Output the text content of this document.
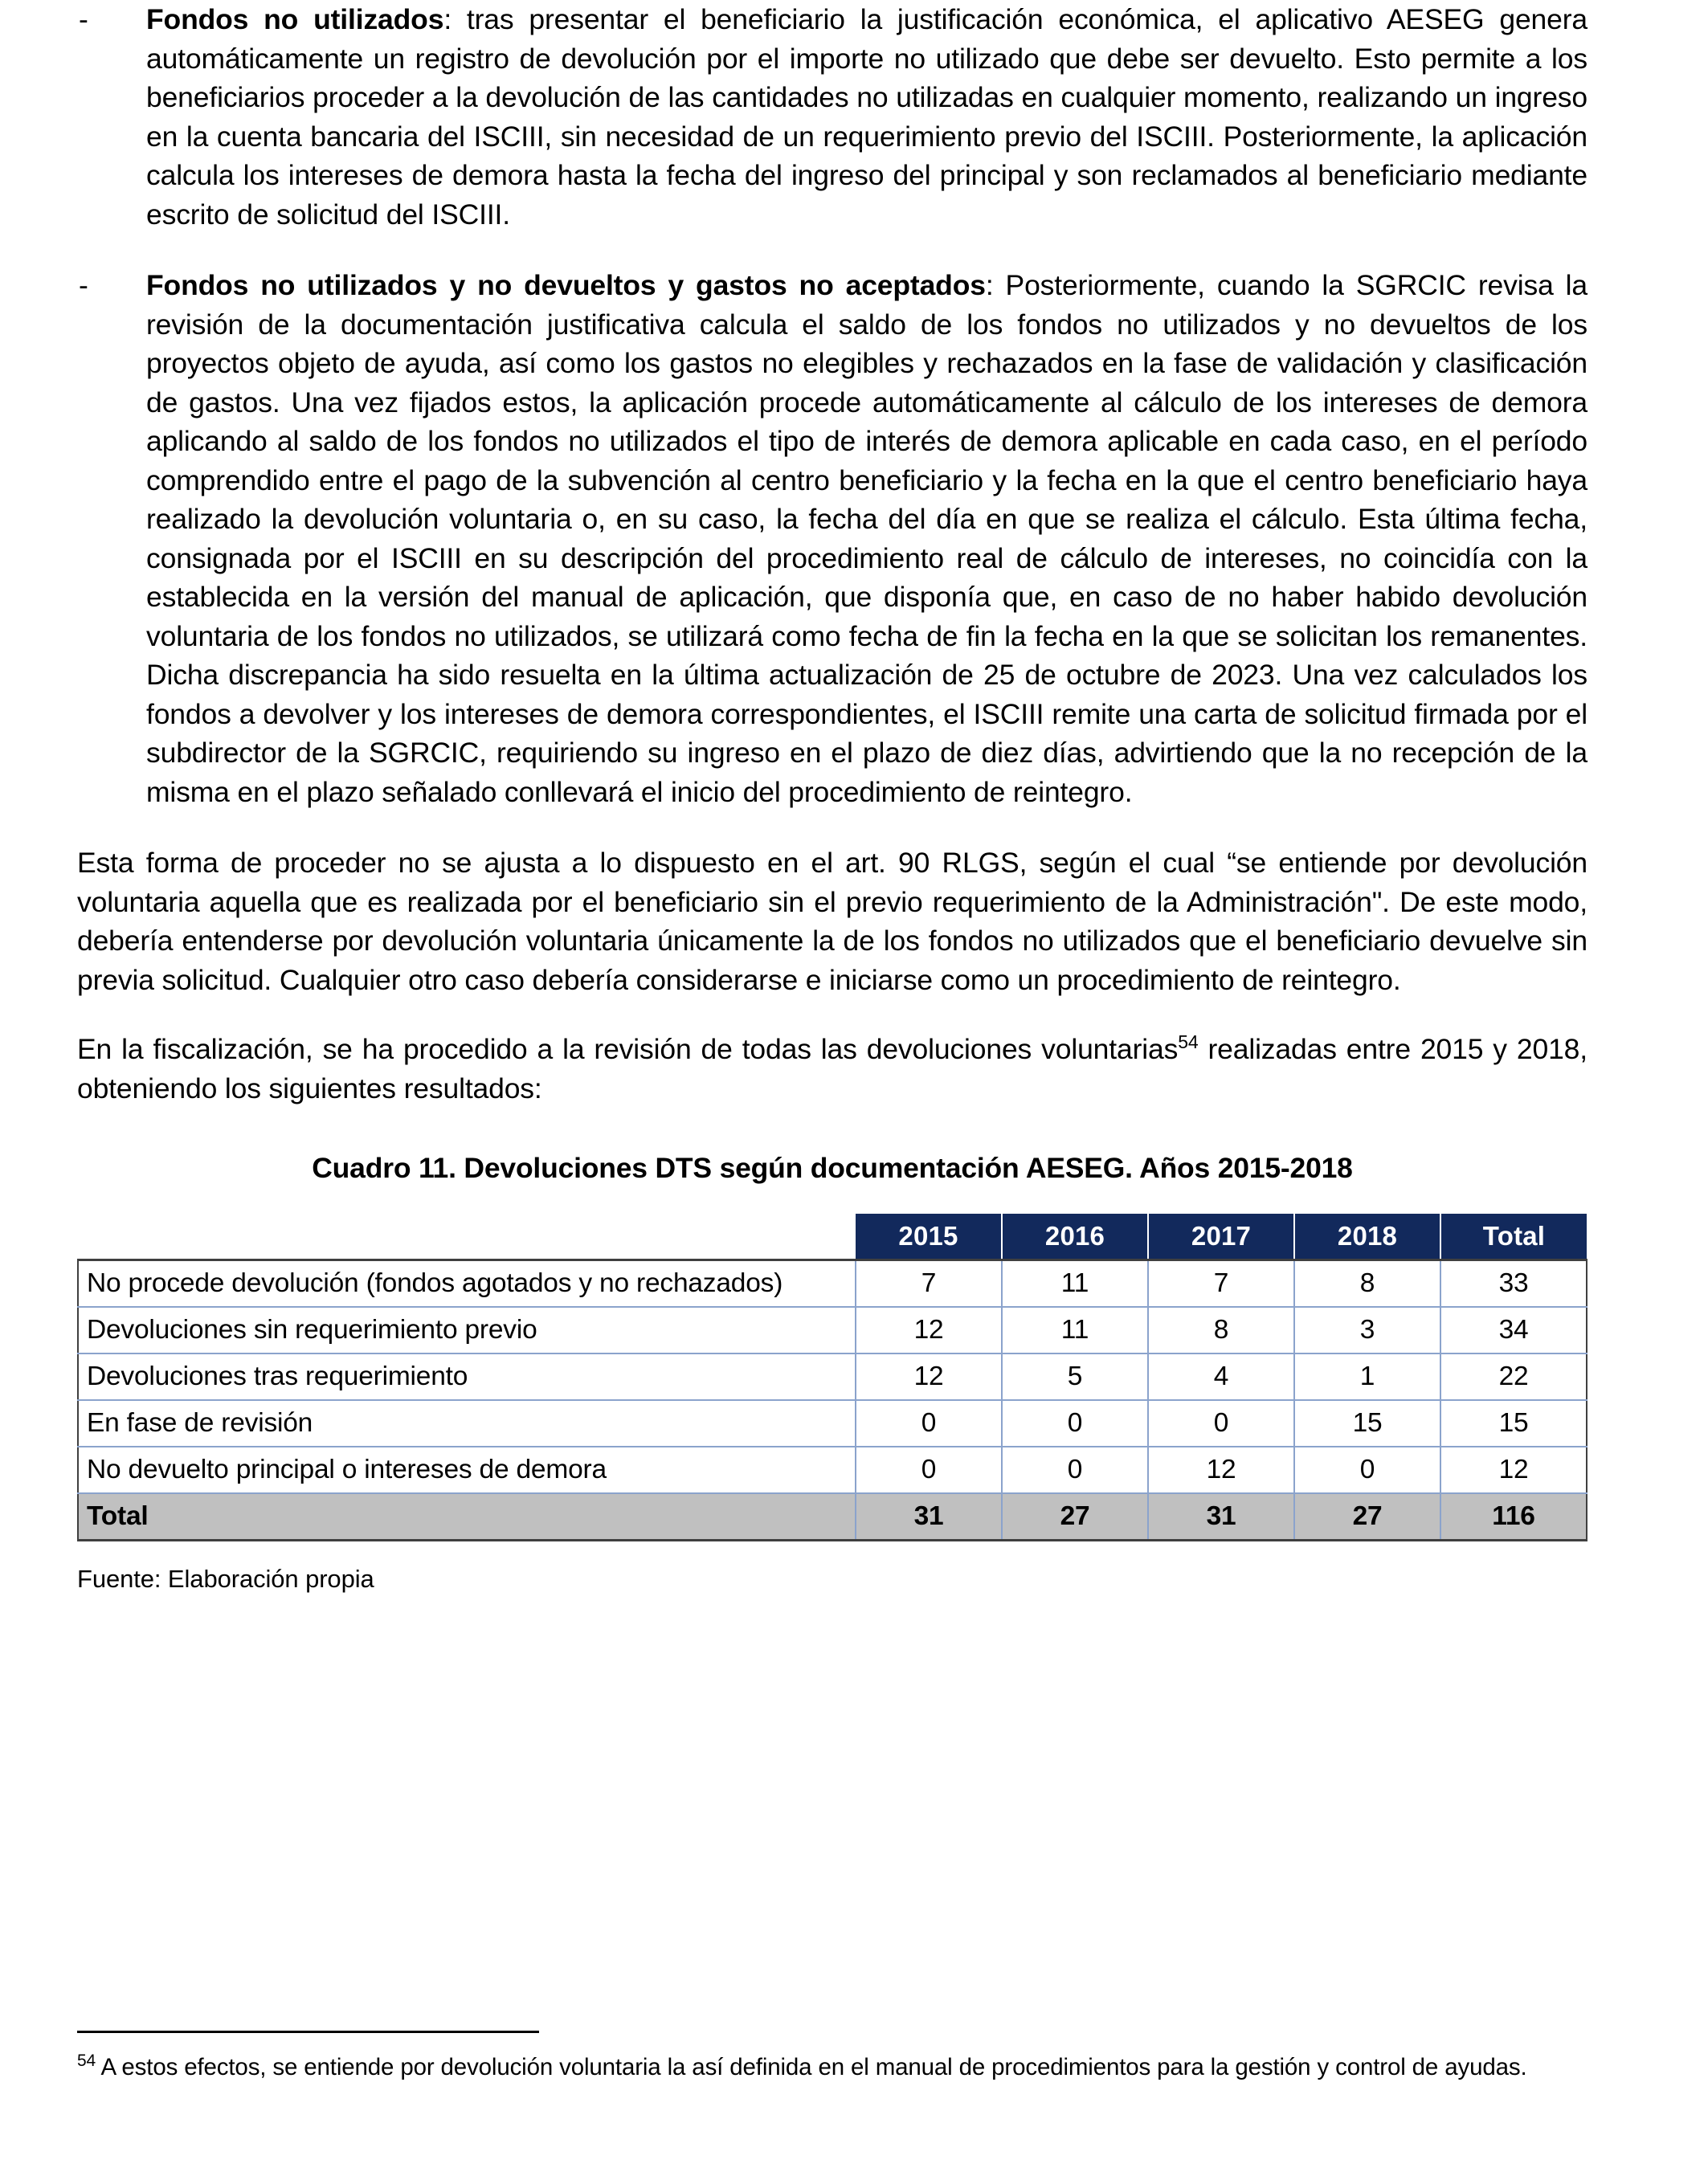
-	Fondos no utilizados: tras presentar el beneficiario la justificación económica, el aplicativo AESEG genera automáticamente un registro de devolución por el importe no utilizado que debe ser devuelto. Esto permite a los beneficiarios proceder a la devolución de las cantidades no utilizadas en cualquier momento, realizando un ingreso en la cuenta bancaria del ISCIII, sin necesidad de un requerimiento previo del ISCIII. Posteriormente, la aplicación calcula los intereses de demora hasta la fecha del ingreso del principal y son reclamados al beneficiario mediante escrito de solicitud del ISCIII.
-	Fondos no utilizados y no devueltos y gastos no aceptados: Posteriormente, cuando la SGRCIC revisa la revisión de la documentación justificativa calcula el saldo de los fondos no utilizados y no devueltos de los proyectos objeto de ayuda, así como los gastos no elegibles y rechazados en la fase de validación y clasificación de gastos. Una vez fijados estos, la aplicación procede automáticamente al cálculo de los intereses de demora aplicando al saldo de los fondos no utilizados el tipo de interés de demora aplicable en cada caso, en el período comprendido entre el pago de la subvención al centro beneficiario y la fecha en la que el centro beneficiario haya realizado la devolución voluntaria o, en su caso, la fecha del día en que se realiza el cálculo. Esta última fecha, consignada por el ISCIII en su descripción del procedimiento real de cálculo de intereses, no coincidía con la establecida en la versión del manual de aplicación, que disponía que, en caso de no haber habido devolución voluntaria de los fondos no utilizados, se utilizará como fecha de fin la fecha en la que se solicitan los remanentes. Dicha discrepancia ha sido resuelta en la última actualización de 25 de octubre de 2023. Una vez calculados los fondos a devolver y los intereses de demora correspondientes, el ISCIII remite una carta de solicitud firmada por el subdirector de la SGRCIC, requiriendo su ingreso en el plazo de diez días, advirtiendo que la no recepción de la misma en el plazo señalado conllevará el inicio del procedimiento de reintegro.

Esta forma de proceder no se ajusta a lo dispuesto en el art. 90 RLGS, según el cual “se entiende por devolución voluntaria aquella que es realizada por el beneficiario sin el previo requerimiento de la Administración". De este modo, debería entenderse por devolución voluntaria únicamente la de los fondos no utilizados que el beneficiario devuelve sin previa solicitud. Cualquier otro caso debería considerarse e iniciarse como un procedimiento de reintegro.

En la fiscalización, se ha procedido a la revisión de todas las devoluciones voluntarias$^{54}$ realizadas entre 2015 y 2018, obteniendo los siguientes resultados:

Cuadro 11. Devoluciones DTS según documentación AESEG. Años 2015-2018
	2015	2016	2017	2018	Total
No procede devolución (fondos agotados y no rechazados)	7	11	7	8	33
Devoluciones sin requerimiento previo	12	11	8	3	34
Devoluciones tras requerimiento	12	5	4	1	22
En fase de revisión	0	0	0	15	15
No devuelto principal o intereses de demora	0	0	12	0	12
Total	31	27	31	27	116
Fuente: Elaboración propia

$^{54}$ A estos efectos, se entiende por devolución voluntaria la así definida en el manual de procedimientos para la gestión y control de ayudas.
